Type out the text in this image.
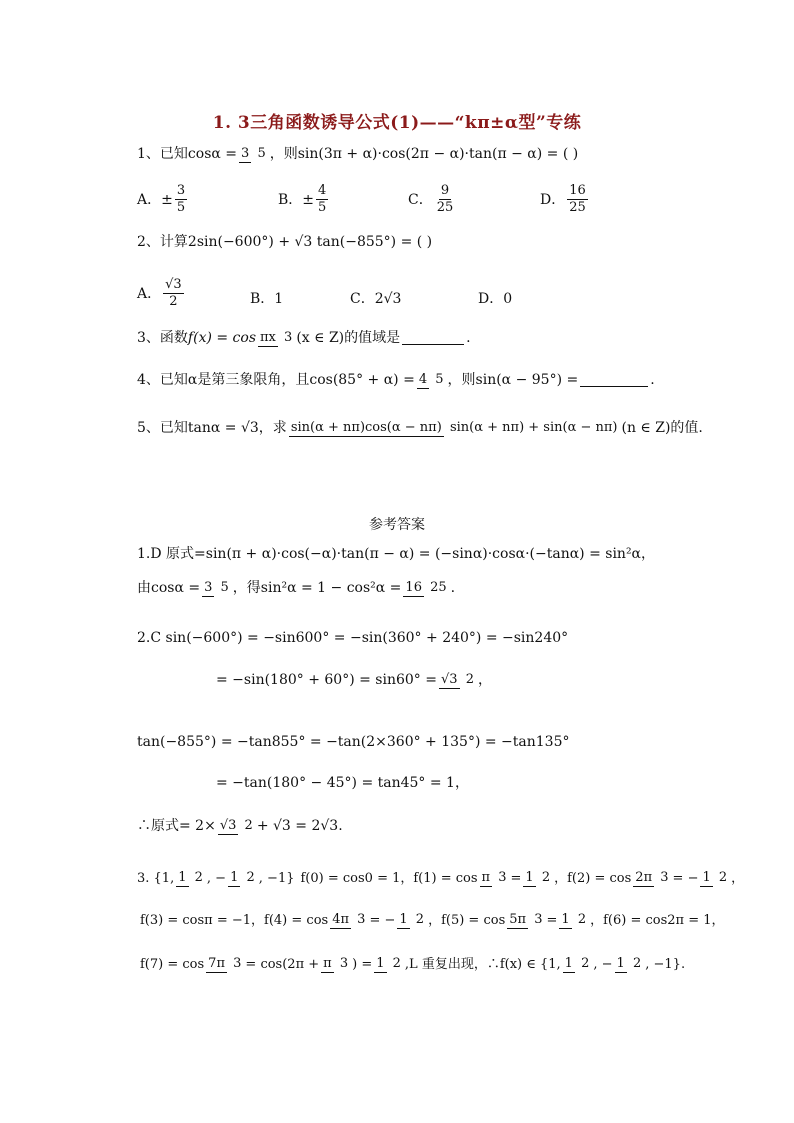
1. 3三角函数诱导公式(1)——“kπ±α型”专练
1、已知 cosα = 3 5 ，则 sin(3π + α)·cos(2π − α)·tan(π − α) = ( )
A．± $\frac{3}{5}$	B．± $\frac{4}{5}$	C． $\frac{9}{25}$	D． $\frac{16}{25}$
2、计算2sin(−600°) + √3 tan(−855°) = ( )
A． $\frac{√3}{2}$	B．1	C．2√3	D．0
3、函数 f(x) = cos πx 3 (x ∈ Z)的值域是	.
4、已知α是第三象限角，且cos(85° + α) = 4 5 ，则sin(α − 95°) =	.
5、已知tanα = √3，求 sin(α + nπ)cos(α − nπ) sin(α + nπ) + sin(α − nπ) (n ∈ Z)的值.
参考答案
1.D 原式=sin(π + α)·cos(−α)·tan(π − α) = (−sinα)·cosα·(−tanα) = sin²α，
由cosα = 3 5 ，得sin²α = 1 − cos²α = 16 25 .
2.C sin(−600°) = −sin600° = −sin(360° + 240°) = −sin240°
= −sin(180° + 60°) = sin60° = √3 2 ，
tan(−855°) = −tan855° = −tan(2×360° + 135°) = −tan135°
= −tan(180° − 45°) = tan45° = 1，
∴原式= 2× √3 2 + √3 = 2√3.
3. {1, 1 2 , − 1 2 , −1} f(0) = cos0 = 1， f(1) = cos π 3 = 1 2 ，f(2) = cos 2π 3 = − 1 2 ，
f(3) = cosπ = −1， f(4) = cos 4π 3 = − 1 2 ，f(5) = cos 5π 3 = 1 2 ，f(6) = cos2π = 1，
f(7) = cos 7π 3 = cos(2π + π 3 ) = 1 2 ,L 重复出现，∴f(x) ∈ {1, 1 2 , − 1 2 , −1}.
